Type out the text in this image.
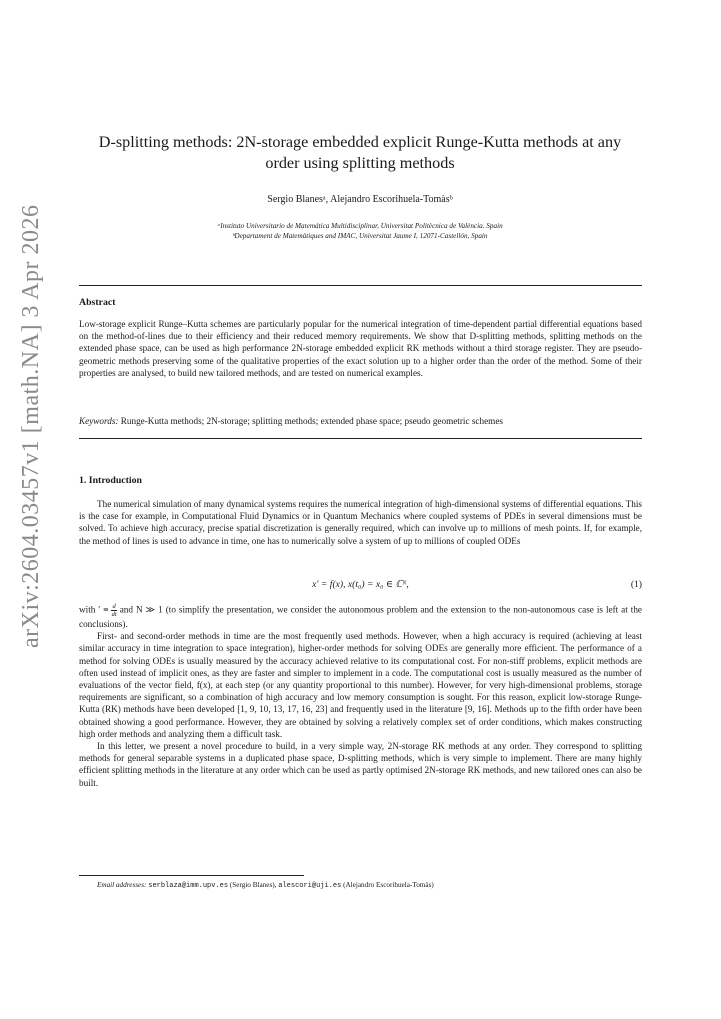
arXiv:2604.03457v1 [math.NA] 3 Apr 2026
D-splitting methods: 2N-storage embedded explicit Runge-Kutta methods at any
order using splitting methods
Sergio Blanesᵃ, Alejandro Escorihuela-Tomàsᵇ
ᵃInstituto Universitario de Matemática Multidisciplinar, Universitat Politècnica de València. Spain
ᵇDepartament de Matemàtiques and IMAC, Universitat Jaume I, 12071-Castellón, Spain
Abstract
Low-storage explicit Runge–Kutta schemes are particularly popular for the numerical integration of time-dependent partial differential equations based on the method-of-lines due to their efficiency and their reduced memory requirements. We show that D-splitting methods, splitting methods on the extended phase space, can be used as high performance 2N-storage embedded explicit RK methods without a third storage register. They are pseudo-geometric methods preserving some of the qualitative properties of the exact solution up to a higher order than the order of the method. Some of their properties are analysed, to build new tailored methods, and are tested on numerical examples.
Keywords: Runge-Kutta methods; 2N-storage; splitting methods; extended phase space; pseudo geometric schemes
1. Introduction

The numerical simulation of many dynamical systems requires the numerical integration of high-dimensional systems of differential equations. This is the case for example, in Computational Fluid Dynamics or in Quantum Mechanics where coupled systems of PDEs in several dimensions must be solved. To achieve high accuracy, precise spatial discretization is generally required, which can involve up to millions of mesh points. If, for example, the method of lines is used to advance in time, one has to numerically solve a system of up to millions of coupled ODEs

x′ = f(x), x(t₀) = x₀ ∈ ℂᴺ,	(1)

with ′ ≡ $\frac{d}{dt}$ and N ≫ 1 (to simplify the presentation, we consider the autonomous problem and the extension to the non-autonomous case is left at the conclusions).

First- and second-order methods in time are the most frequently used methods. However, when a high accuracy is required (achieving at least similar accuracy in time integration to space integration), higher-order methods for solving ODEs are generally more efficient. The performance of a method for solving ODEs is usually measured by the accuracy achieved relative to its computational cost. For non-stiff problems, explicit methods are often used instead of implicit ones, as they are faster and simpler to implement in a code. The computational cost is usually measured as the number of evaluations of the vector field, f(x), at each step (or any quantity proportional to this number). However, for very high-dimensional problems, storage requirements are significant, so a combination of high accuracy and low memory consumption is sought. For this reason, explicit low-storage Runge-Kutta (RK) methods have been developed [1, 9, 10, 13, 17, 16, 23] and frequently used in the literature [9, 16]. Methods up to the fifth order have been obtained showing a good performance. However, they are obtained by solving a relatively complex set of order conditions, which makes constructing high order methods and analyzing them a difficult task.

In this letter, we present a novel procedure to build, in a very simple way, 2N-storage RK methods at any order. They correspond to splitting methods for general separable systems in a duplicated phase space, D-splitting methods, which is very simple to implement. There are many highly efficient splitting methods in the literature at any order which can be used as partly optimised 2N-storage RK methods, and new tailored ones can also be built.

Email addresses: serblaza@imm.upv.es (Sergio Blanes), alescori@uji.es (Alejandro Escorihuela-Tomàs)
